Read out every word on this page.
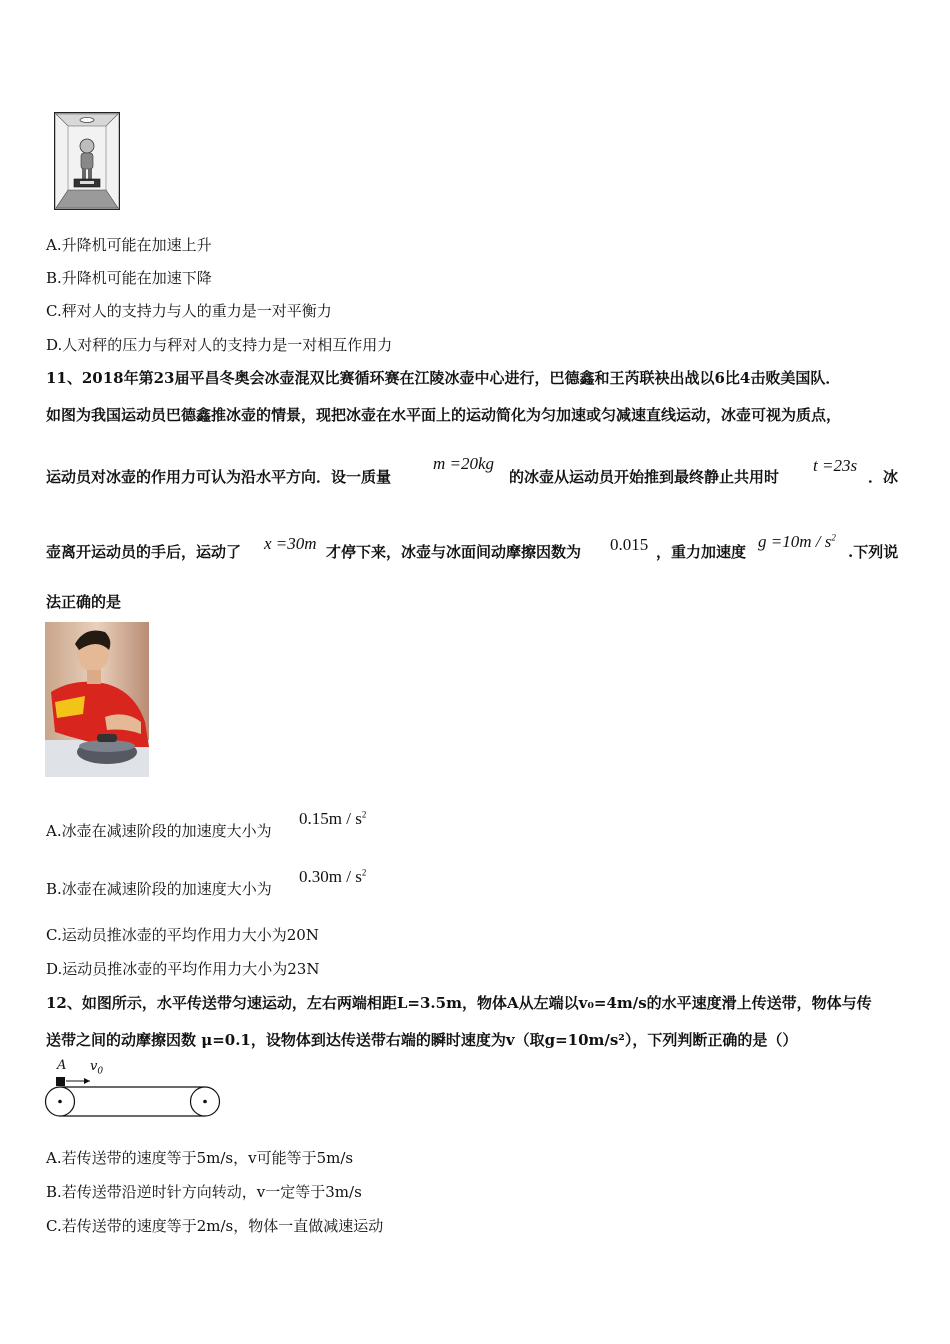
A.升降机可能在加速上升
B.升降机可能在加速下降
C.秤对人的支持力与人的重力是一对平衡力
D.人对秤的压力与秤对人的支持力是一对相互作用力
11、2018年第23届平昌冬奥会冰壶混双比赛循环赛在江陵冰壶中心进行，巴德鑫和王芮联袂出战以6比4击败美国队．
如图为我国运动员巴德鑫推冰壶的情景，现把冰壶在水平面上的运动简化为匀加速或匀减速直线运动，冰壶可视为质点，
运动员对冰壶的作用力可认为沿水平方向．设一质量
m =20kg
的冰壶从运动员开始推到最终静止共用时
t =23s
．冰
壶离开运动员的手后，运动了 x =30m 才停下来，冰壶与冰面间动摩擦因数为 0.015 ，重力加速度
$g =10m / s^2$
.下列说
法正确的是
A.冰壶在减速阶段的加速度大小为
$0.15m / s^2$
B.冰壶在减速阶段的加速度大小为
$0.30m / s^2$
C.运动员推冰壶的平均作用力大小为20N
D.运动员推冰壶的平均作用力大小为23N
12、如图所示，水平传送带匀速运动，左右两端相距L=3.5m，物体A从左端以v₀=4m/s的水平速度滑上传送带，物体与传
送带之间的动摩擦因数 μ=0.1，设物体到达传送带右端的瞬时速度为v（取g=10m/s²），下列判断正确的是（）
A $v_0$
A.若传送带的速度等于5m/s，v可能等于5m/s
B.若传送带沿逆时针方向转动，v一定等于3m/s
C.若传送带的速度等于2m/s，物体一直做减速运动
